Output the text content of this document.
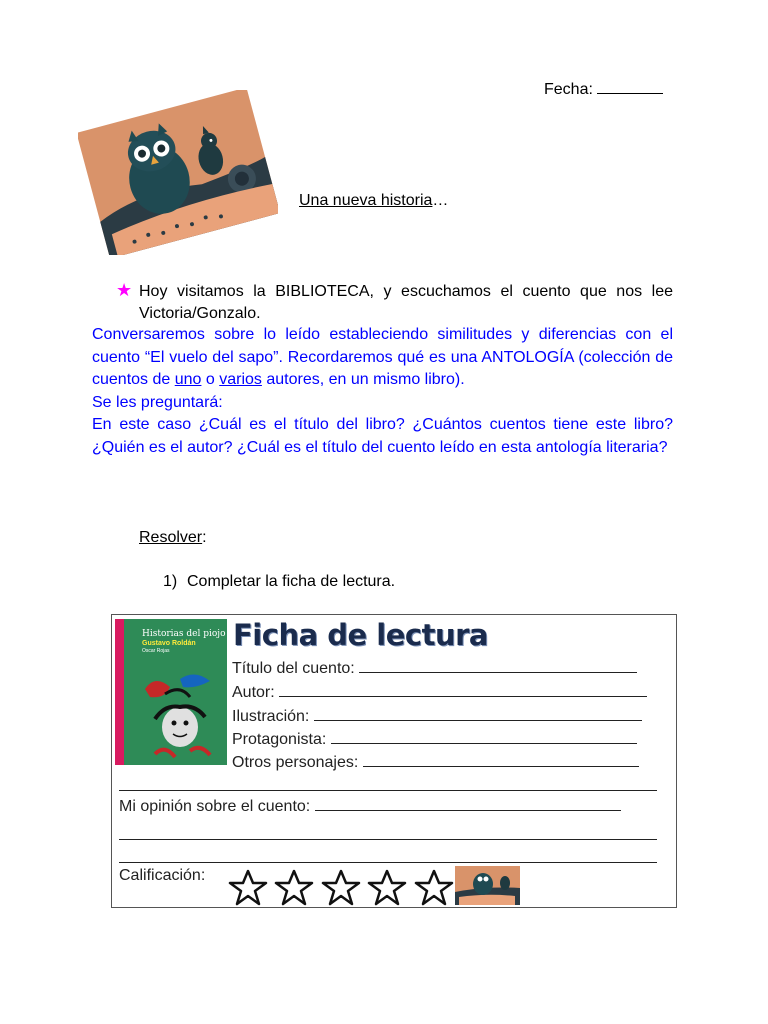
Fecha:
Una nueva historia…
★ Hoy visitamos la BIBLIOTECA, y escuchamos el cuento que nos lee Victoria/Gonzalo.
Conversaremos sobre lo leído estableciendo similitudes y diferencias con el cuento “El vuelo del sapo”. Recordaremos qué es una ANTOLOGÍA (colección de cuentos de uno o varios autores, en un mismo libro).
Se les preguntará:
En este caso ¿Cuál es el título del libro? ¿Cuántos cuentos tiene este libro? ¿Quién es el autor? ¿Cuál es el título del cuento leído en esta antología literaria?
Resolver:
1) Completar la ficha de lectura.
Historias del piojo
Gustavo Roldán
Oscar Rojas Ficha de lectura
Título del cuento:
Autor:
Ilustración:
Protagonista:
Otros personajes:
Mi opinión sobre el cuento:
Calificación:
